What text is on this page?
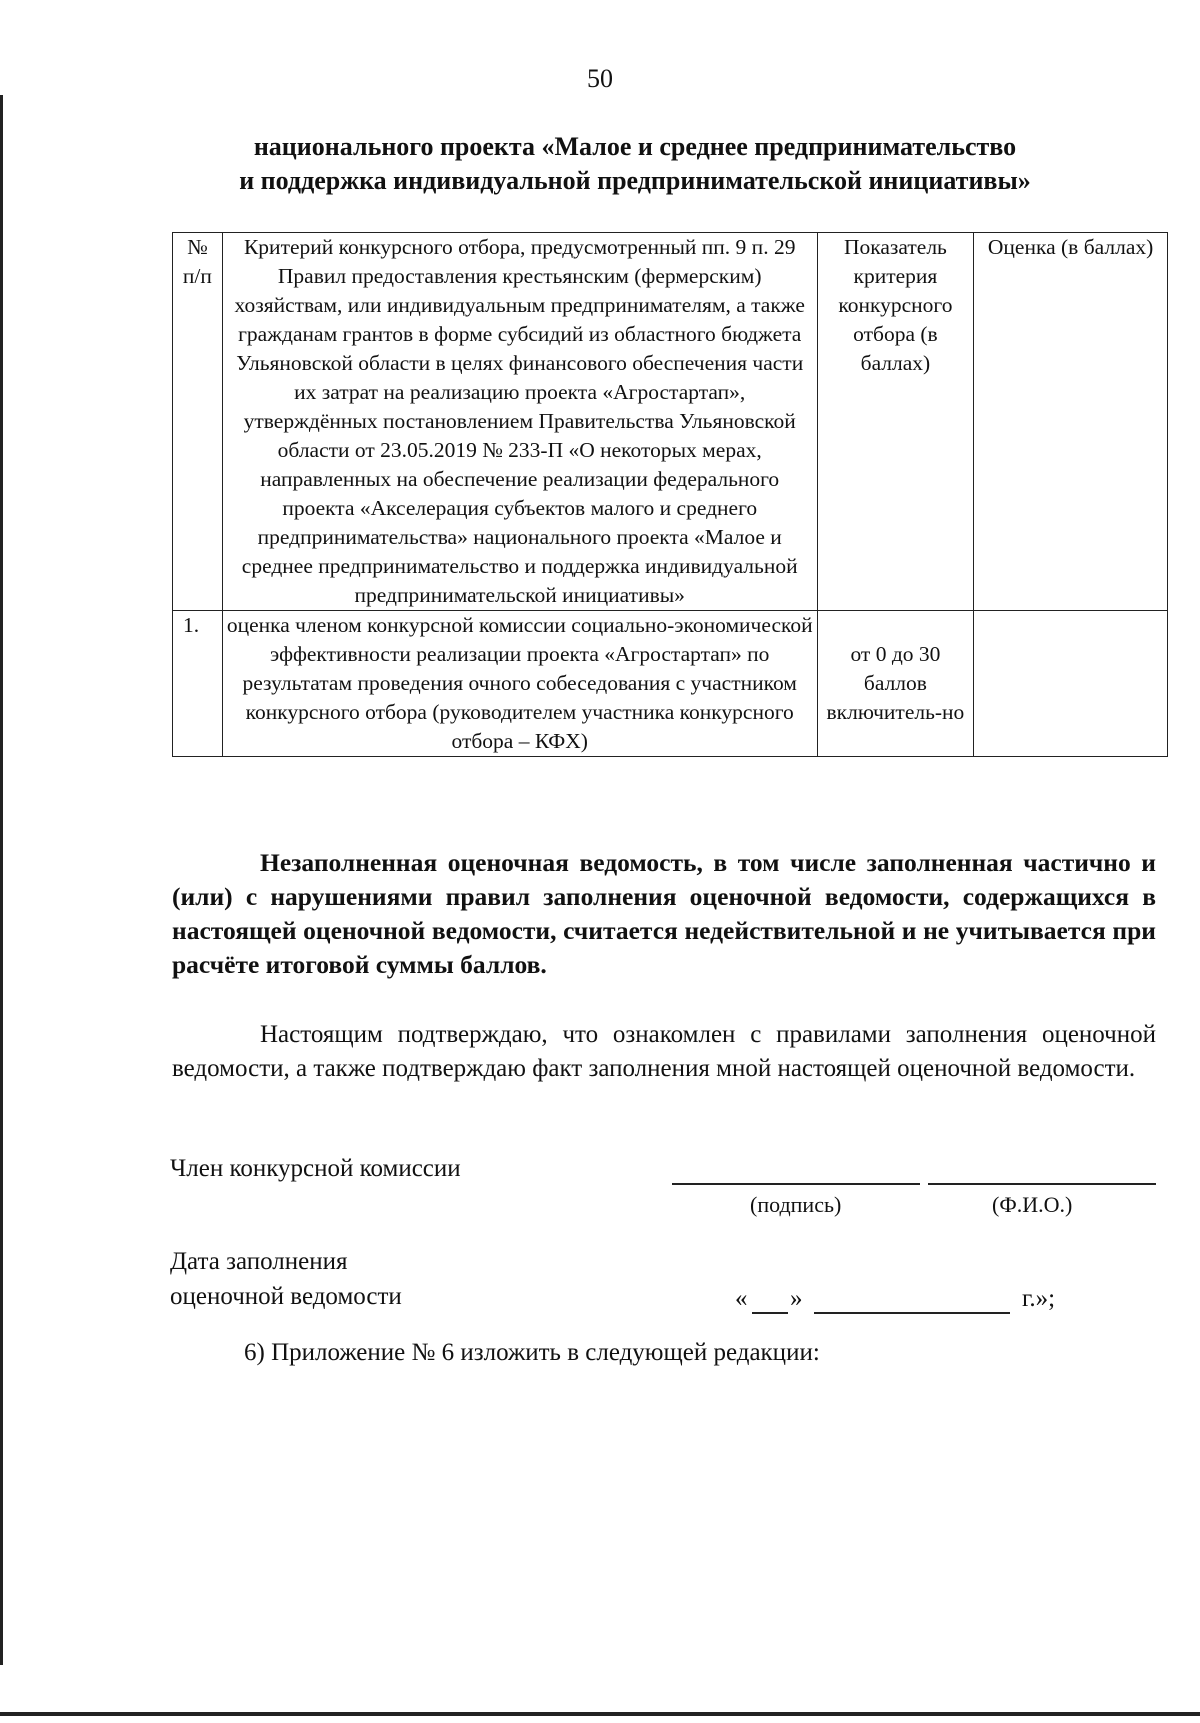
50
национального проекта «Малое и среднее предпринимательство
и поддержка индивидуальной предпринимательской инициативы»
№ п/п	Критерий конкурсного отбора, предусмотренный пп. 9 п. 29 Правил предоставления крестьянским (фермерским) хозяйствам, или индивидуальным предпринимателям, а также гражданам грантов в форме субсидий из областного бюджета Ульяновской области в целях финансового обеспечения части их затрат на реализацию проекта «Агростартап», утверждённых постановлением Правительства Ульяновской области от 23.05.2019 № 233-П «О некоторых мерах, направленных на обеспечение реализации федерального проекта «Акселерация субъектов малого и среднего предпринимательства» национального проекта «Малое и среднее предпринимательство и поддержка индивидуальной предпринимательской инициативы»	Показатель критерия конкурсного отбора (в баллах)	Оценка (в баллах)
1.	оценка членом конкурсной комиссии социально-экономической эффективности реализации проекта «Агростартап» по результатам проведения очного собеседования с участником конкурсного отбора (руководителем участника конкурсного отбора – КФХ)	от 0 до 30 баллов включитель-но	
Незаполненная оценочная ведомость, в том числе заполненная частично и (или) с нарушениями правил заполнения оценочной ведомости, содержащихся в настоящей оценочной ведомости, считается недействительной и не учитывается при расчёте итоговой суммы баллов.
Настоящим подтверждаю, что ознакомлен с правилами заполнения оценочной ведомости, а также подтверждаю факт заполнения мной настоящей оценочной ведомости.
Член конкурсной комиссии
(подпись)	(Ф.И.О.)
Дата заполнения
оценочной ведомости	« »	г.»;
6) Приложение № 6 изложить в следующей редакции:
